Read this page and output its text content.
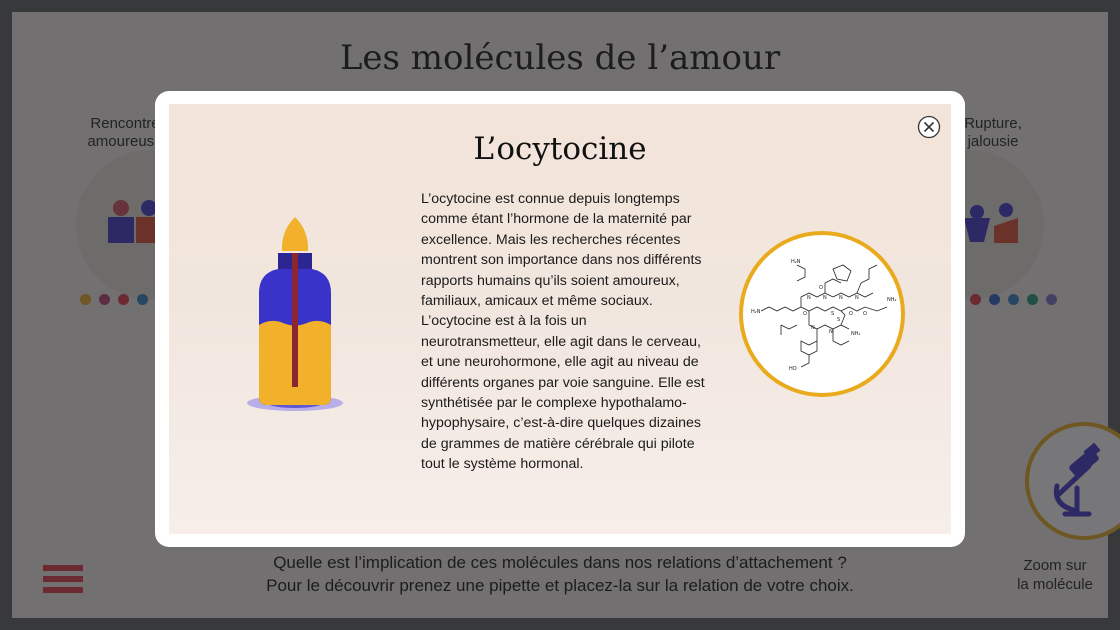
L’ocytocine
L’ocytocine est connue depuis longtemps comme étant l’hormone de la maternité par excellence. Mais les recherches récentes montrent son importance dans nos différents rapports humains qu’ils soient amoureux, familiaux, amicaux et même sociaux. L’ocytocine est à la fois un neurotransmetteur, elle agit dans le cerveau, et une neurohormone, elle agit au niveau de différents organes par voie sanguine. Elle est synthétisée par le complexe hypothalamo-hypophysaire, c’est-à-dire quelques dizaines de grammes de matière cérébrale qui pilote tout le système hormonal.
H₂N
NH₂
NH₂
H₂N
HO
S
S
N N N N
N
N
O	O O
O
